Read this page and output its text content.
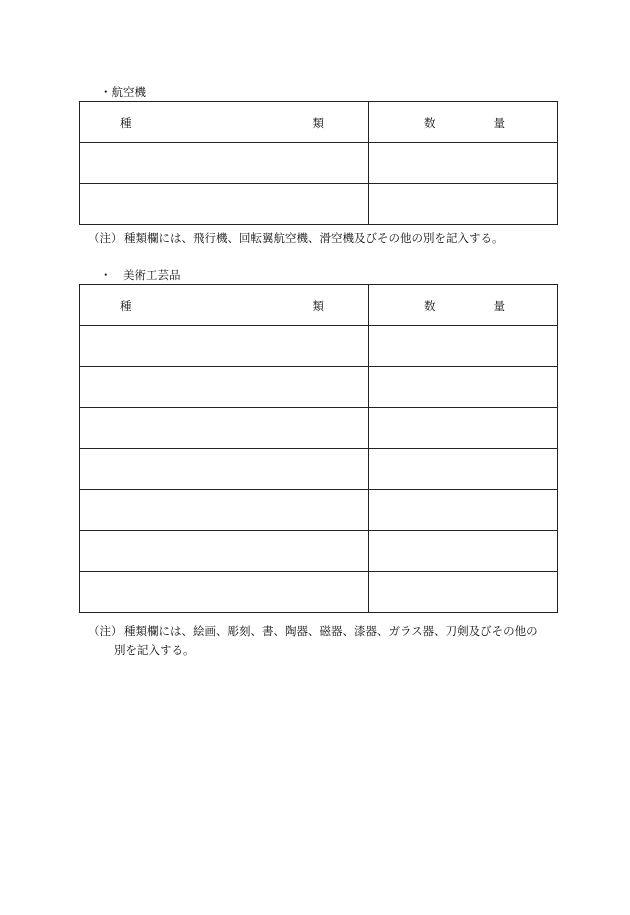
・航空機
種 類	数 量

（注） 種類欄には、飛行機、回転翼航空機、滑空機及びその他の別を記入する。
・　美術工芸品
種 類	数 量

（注） 種類欄には、絵画、彫刻、書、陶器、磁器、漆器、ガラス器、刀剣及びその他の
別を記入する。
